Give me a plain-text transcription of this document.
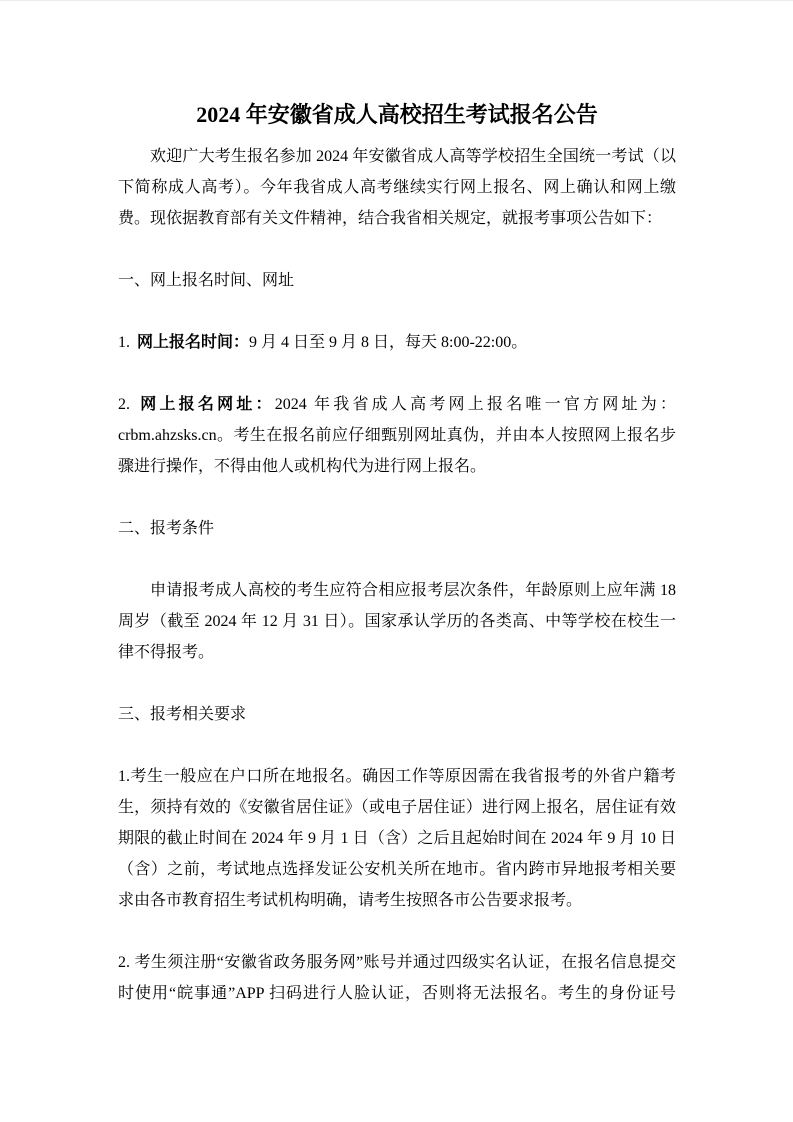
2024 年安徽省成人高校招生考试报名公告

欢迎广大考生报名参加 2024 年安徽省成人高等学校招生全国统一考试（以下简称成人高考）。今年我省成人高考继续实行网上报名、网上确认和网上缴费。现依据教育部有关文件精神，结合我省相关规定，就报考事项公告如下：

一、网上报名时间、网址

1. 网上报名时间：9 月 4 日至 9 月 8 日，每天 8:00-22:00。

2. 网上报名网址：2024 年我省成人高考网上报名唯一官方网址为：crbm.ahzsks.cn。考生在报名前应仔细甄别网址真伪，并由本人按照网上报名步骤进行操作，不得由他人或机构代为进行网上报名。

二、报考条件

申请报考成人高校的考生应符合相应报考层次条件，年龄原则上应年满 18 周岁（截至 2024 年 12 月 31 日）。国家承认学历的各类高、中等学校在校生一律不得报考。

三、报考相关要求

1.考生一般应在户口所在地报名。确因工作等原因需在我省报考的外省户籍考生，须持有效的《安徽省居住证》（或电子居住证）进行网上报名，居住证有效期限的截止时间在 2024 年 9 月 1 日（含）之后且起始时间在 2024 年 9 月 10 日（含）之前，考试地点选择发证公安机关所在地市。省内跨市异地报考相关要求由各市教育招生考试机构明确，请考生按照各市公告要求报考。

2. 考生须注册“安徽省政务服务网”账号并通过四级实名认证，在报名信息提交时使用“皖事通”APP 扫码进行人脸认证，否则将无法报名。考生的身份证号
